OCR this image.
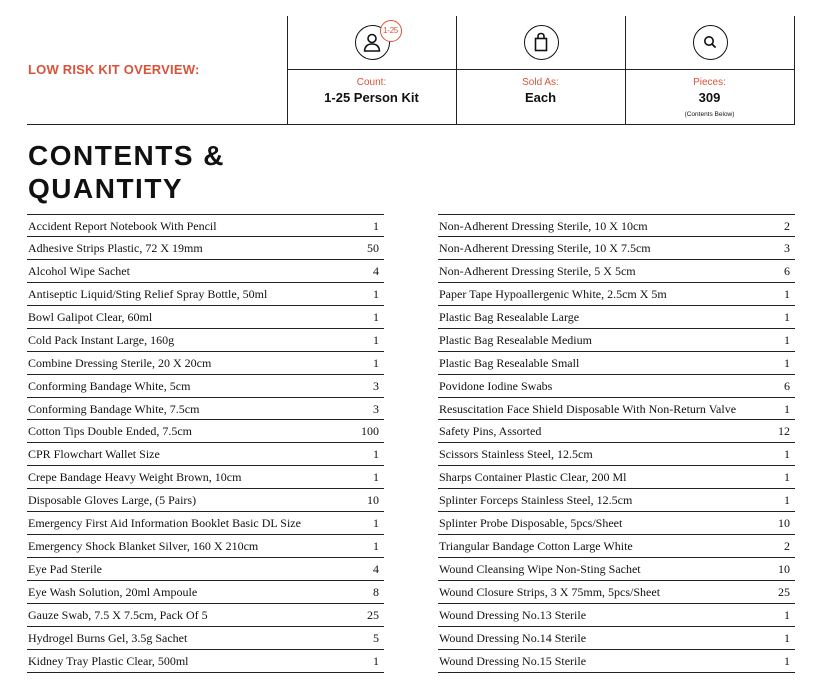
LOW RISK KIT OVERVIEW:
1-25
Count:
1-25 Person Kit
Sold As:
Each
Pieces:
309
(Contents Below)
CONTENTS &
QUANTITY
Accident Report Notebook With Pencil	1
Adhesive Strips Plastic, 72 X 19mm	50
Alcohol Wipe Sachet	4
Antiseptic Liquid/Sting Relief Spray Bottle, 50ml	1
Bowl Galipot Clear, 60ml	1
Cold Pack Instant Large, 160g	1
Combine Dressing Sterile, 20 X 20cm	1
Conforming Bandage White, 5cm	3
Conforming Bandage White, 7.5cm	3
Cotton Tips Double Ended, 7.5cm	100
CPR Flowchart Wallet Size	1
Crepe Bandage Heavy Weight Brown, 10cm	1
Disposable Gloves Large, (5 Pairs)	10
Emergency First Aid Information Booklet Basic DL Size	1
Emergency Shock Blanket Silver, 160 X 210cm	1
Eye Pad Sterile	4
Eye Wash Solution, 20ml Ampoule	8
Gauze Swab, 7.5 X 7.5cm, Pack Of 5	25
Hydrogel Burns Gel, 3.5g Sachet	5
Kidney Tray Plastic Clear, 500ml	1
Non-Adherent Dressing Sterile, 10 X 10cm	2
Non-Adherent Dressing Sterile, 10 X 7.5cm	3
Non-Adherent Dressing Sterile, 5 X 5cm	6
Paper Tape Hypoallergenic White, 2.5cm X 5m	1
Plastic Bag Resealable Large	1
Plastic Bag Resealable Medium	1
Plastic Bag Resealable Small	1
Povidone Iodine Swabs	6
Resuscitation Face Shield Disposable With Non-Return Valve	1
Safety Pins, Assorted	12
Scissors Stainless Steel, 12.5cm	1
Sharps Container Plastic Clear, 200 Ml	1
Splinter Forceps Stainless Steel, 12.5cm	1
Splinter Probe Disposable, 5pcs/Sheet	10
Triangular Bandage Cotton Large White	2
Wound Cleansing Wipe Non-Sting Sachet	10
Wound Closure Strips, 3 X 75mm, 5pcs/Sheet	25
Wound Dressing No.13 Sterile	1
Wound Dressing No.14 Sterile	1
Wound Dressing No.15 Sterile	1
